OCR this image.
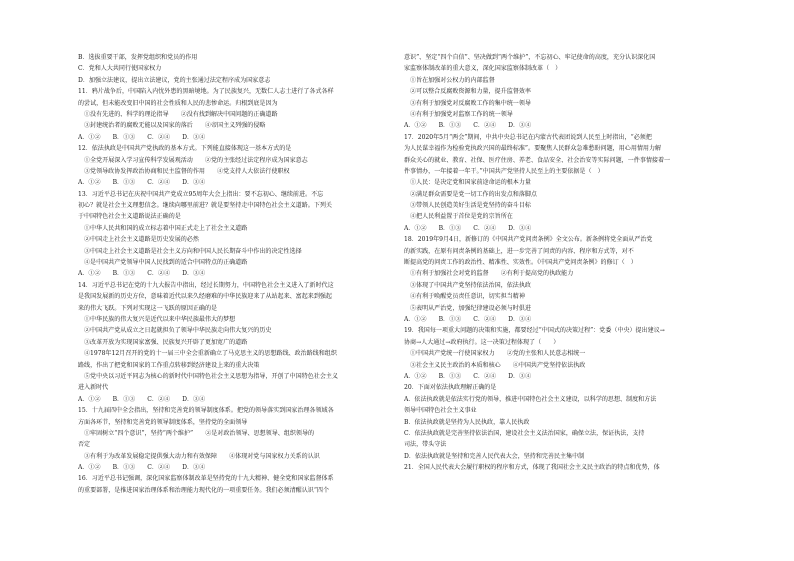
B．选拔重要干部，发挥党组织和党员的作用
C．党和人大共同行使国家权力
D．加强立法建议，提出立法建议，党的主张通过法定程序成为国家意志
11．鸦片战争后，中国陷入内忧外患的黑暗境地。为了民族复兴，无数仁人志士进行了各式各样
的尝试，但未能改变旧中国的社会性质和人民的悲惨命运。归根到底是因为
①没有先进的、科学的理论指导　　②没有找到解决中国问题的正确道路
③封建统治者的腐败无能以及国家的落后　　④帝国主义列强的侵略
A．①②　　B．①③　　C．②④　　D．③④
12．依法执政是中国共产党执政的基本方式。下列能直接体现这一基本方式的是
①全党开展深入学习宣传科学发展观活动　　②党的主张经过法定程序成为国家意志
③党领导政协发挥政治协商和民主监督的作用　　④党支持人大依法行使职权
A．①②　　B．①③　　C．②④　　D．③④
13．习近平总书记在庆祝中国共产党成立95周年大会上指出：要不忘初心、继续前进。不忘
初心？就是社会主义理想信念。继续向哪里前进？就是要坚持走中国特色社会主义道路。下列关
于中国特色社会主义道路说法正确的是
①中华人民共和国的成立标志着中国正式走上了社会主义道路
②中国走上社会主义道路是历史发展的必然
③中国走上社会主义道路是社会主义方向和中国人民长期奋斗中作出的决定性选择
④是中国共产党领导中国人民找到的适合中国特点的正确道路
A．①②　　B．①③　　C．②④　　D．③④
14．习近平总书记在党的十九大报告中指出，经过长期努力，中国特色社会主义进入了新时代这
是我国发展新的历史方位，意味着近代以来久经磨难的中华民族迎来了从站起来、富起来到强起
来的伟大飞跃。下列对实现这一飞跃的原因正确的是
①中华民族的伟大复兴是近代以来中华民族最伟大的梦想
②中国共产党从成立之日起就担负了领导中华民族走向伟大复兴的历史
③改革开放为实现国家富强、民族复兴开辟了更加宽广的道路
④1978年12月召开的党的十一届三中全会重新确立了马克思主义的思想路线、政治路线和组织
路线，作出了把党和国家的工作重点转移到经济建设上来的重大决策
⑤党中央以习近平同志为核心的新时代中国特色社会主义思想为指导，开创了中国特色社会主义
进入新时代
A．①②　　B．①③　　C．②④　　D．③④
15．十九届四中全会指出，坚持和完善党的领导制度体系。把党的领导落实到国家治理各领域各
方面各环节，坚持和完善党的领导制度体系，坚持党的全面领导
①牢固树立“四个意识”，坚持“两个维护”　　②是对政治领导、思想领导、组织领导的
否定
③有利于为改革发展稳定提供强大动力和有效保障　　④体现对党与国家权力关系的认识
A．①②　　B．①③　　C．②④　　D．③④
16．习近平总书记强调，深化国家监察体制改革是坚持党的十九大精神、健全党和国家监督体系
的重要部署，是推进国家治理体系和治理能力现代化的一项重要任务。我们必须清醒认识“四个
意识”、坚定“四个自信”、坚决做到“两个维护”，不忘初心、牢记使命的高度，充分认识深化国
家监察体制改革的重大意义，深化国家监察体制改革（　）
①旨在加强对公权力的内部监督
②可以整合反腐败资源和力量，提升监督效率
③有利于加强党对反腐败工作的集中统一领导
④有利于加强党对监察工作的统一领导
A．①②　　B．①③　　C．②④　　D．③④
17．2020年5月“两会”期间，中共中央总书记在内蒙古代表团说到人民至上时指出，“必须把
为人民谋幸福作为检验党执政兴国的最终标准”。要聚焦人民群众急难愁盼问题，用心用情用力解
群众关心的就业、教育、社保、医疗住房、养老、食品安全、社会治安等实际问题，一件事情接着一
件事情办，一年接着一年干。”中国共产党坚持人民至上的主要依据是（　）
①人民：是决定党和国家前途命运的根本力量
②满足群众需要是党一切工作的出发点和落脚点
③带领人民创造美好生活是党坚持的奋斗目标
④把人民利益置于首位是党的宗旨所在
A．①②　　B．①③　　C．②④　　D．③④
18．2019年9月4日，新修订的《中国共产党问责条例》全文公布。新条例将党全面从严治党
的新实践，在原有问责条例的基础上，进一步完善了问责的内容、程序和方式等，对不
断提高党的问责工作的政治性、精准性、实效性。《中国共产党问责条例》的修订（　）
①有利于加强社会对党的监督　　②有利于提高党的执政能力
③体现了中国共产党坚持依法治国，依法执政
④有利于唤醒党员责任意识，切实担当精神
⑤表明从严治党，加强纪律建设必须与时俱进
A．①②　　B．①③　　C．②④　　D．③④
19．我国每一项重大问题的决策和实施，都要经过“中国式的决策过程”：党委（中央）提出建议→
协商→人大通过→政府执行。这一决策过程体现了（　　）
①中国共产党统一行使国家权力　　②党的主张和人民意志相统一
③社会主义民主政治的本质和核心　　④中国共产党坚持依法执政
A．①②　　B．①③　　C．②④　　D．③④
20．下面对依法执政理解正确的是
A．依法执政就是依法实行党的领导，推进中国特色社会主义建设，以科学的思想、制度和方法
领导中国特色社会主义事业
B．依法执政就是坚持为人民执政，靠人民执政
C．依法执政就是完善坚持依法治国，建设社会主义法治国家，确保立法，保证执法，支持
司法，带头守法
D．依法执政就是坚持和完善人民代表大会，坚持和完善民主集中制
21．全国人民代表大会履行职权的程序和方式，体现了我国社会主义民主政治的特点和优势，体
